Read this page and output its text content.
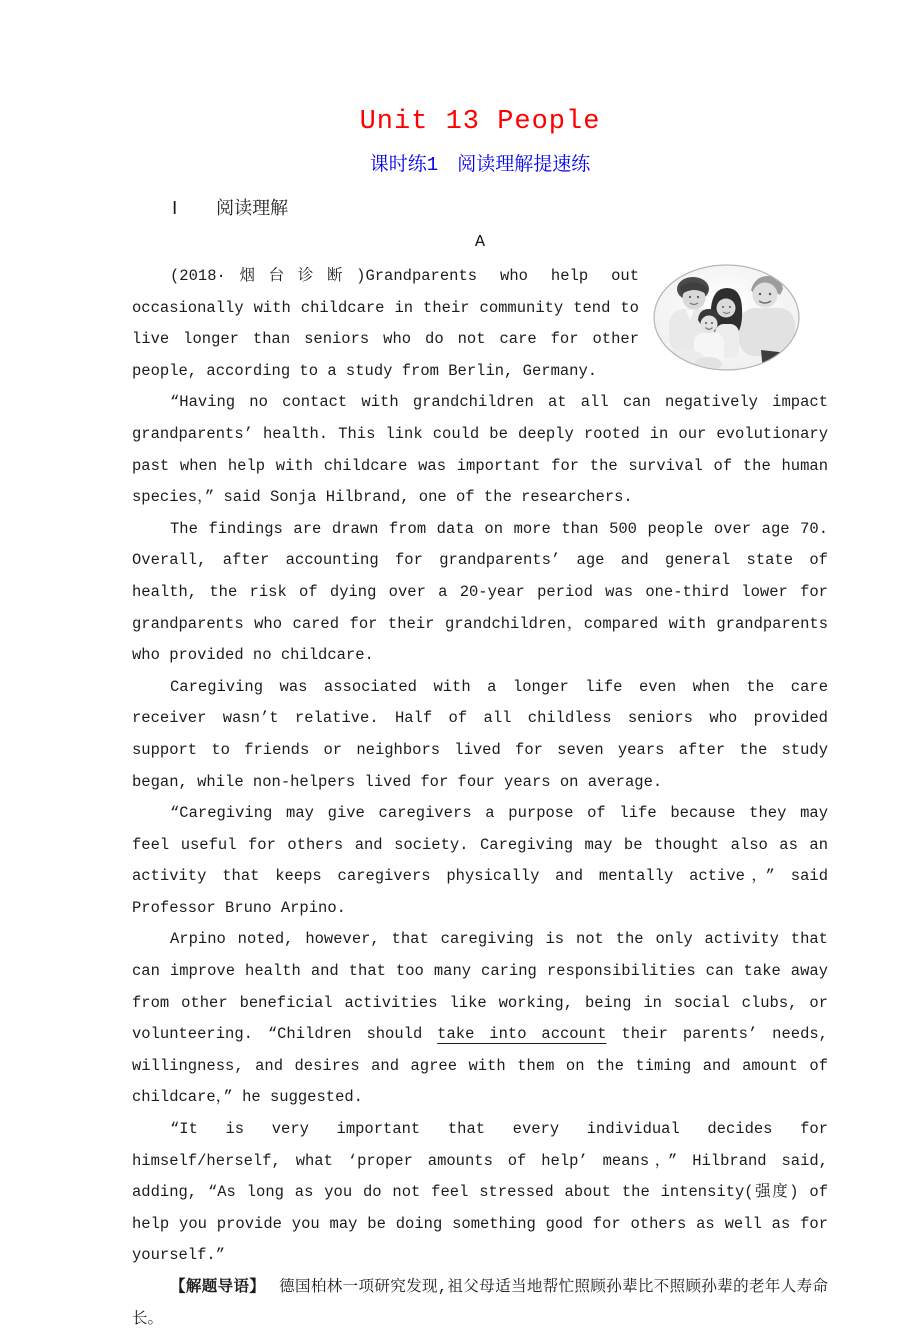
Unit 13 People
课时练1　阅读理解提速练
Ⅰ 阅读理解
A

(2018·烟台诊断)Grandparents who help out occasionally with childcare in their community tend to live longer than seniors who do not care for other people, according to a study from Berlin, Germany.

“Having no contact with grandchildren at all can negatively impact grandparents’ health. This link could be deeply rooted in our evolutionary past when help with childcare was important for the survival of the human species，” said Sonja Hilbrand, one of the researchers.

The findings are drawn from data on more than 500 people over age 70. Overall, after accounting for grandparents’ age and general state of health, the risk of dying over a 20-year period was one-third lower for grandparents who cared for their grandchildren，compared with grandparents who provided no childcare.

Caregiving was associated with a longer life even when the care receiver wasn’t relative. Half of all childless seniors who provided support to friends or neighbors lived for seven years after the study began, while non-helpers lived for four years on average.

“Caregiving may give caregivers a purpose of life because they may feel useful for others and society. Caregiving may be thought also as an activity that keeps caregivers physically and mentally active，” said Professor Bruno Arpino.

Arpino noted, however, that caregiving is not the only activity that can improve health and that too many caring responsibilities can take away from other beneficial activities like working, being in social clubs, or volunteering. “Children should take into account their parents’ needs, willingness, and desires and agree with them on the timing and amount of childcare，” he suggested.

“It is very important that every individual decides for himself/herself, what ‘proper amounts of help’ means，” Hilbrand said, adding, “As long as you do not feel stressed about the intensity(强度) of help you provide you may be doing something good for others as well as for yourself.”

【解题导语】 德国柏林一项研究发现,祖父母适当地帮忙照顾孙辈比不照顾孙辈的老年人寿命长。
